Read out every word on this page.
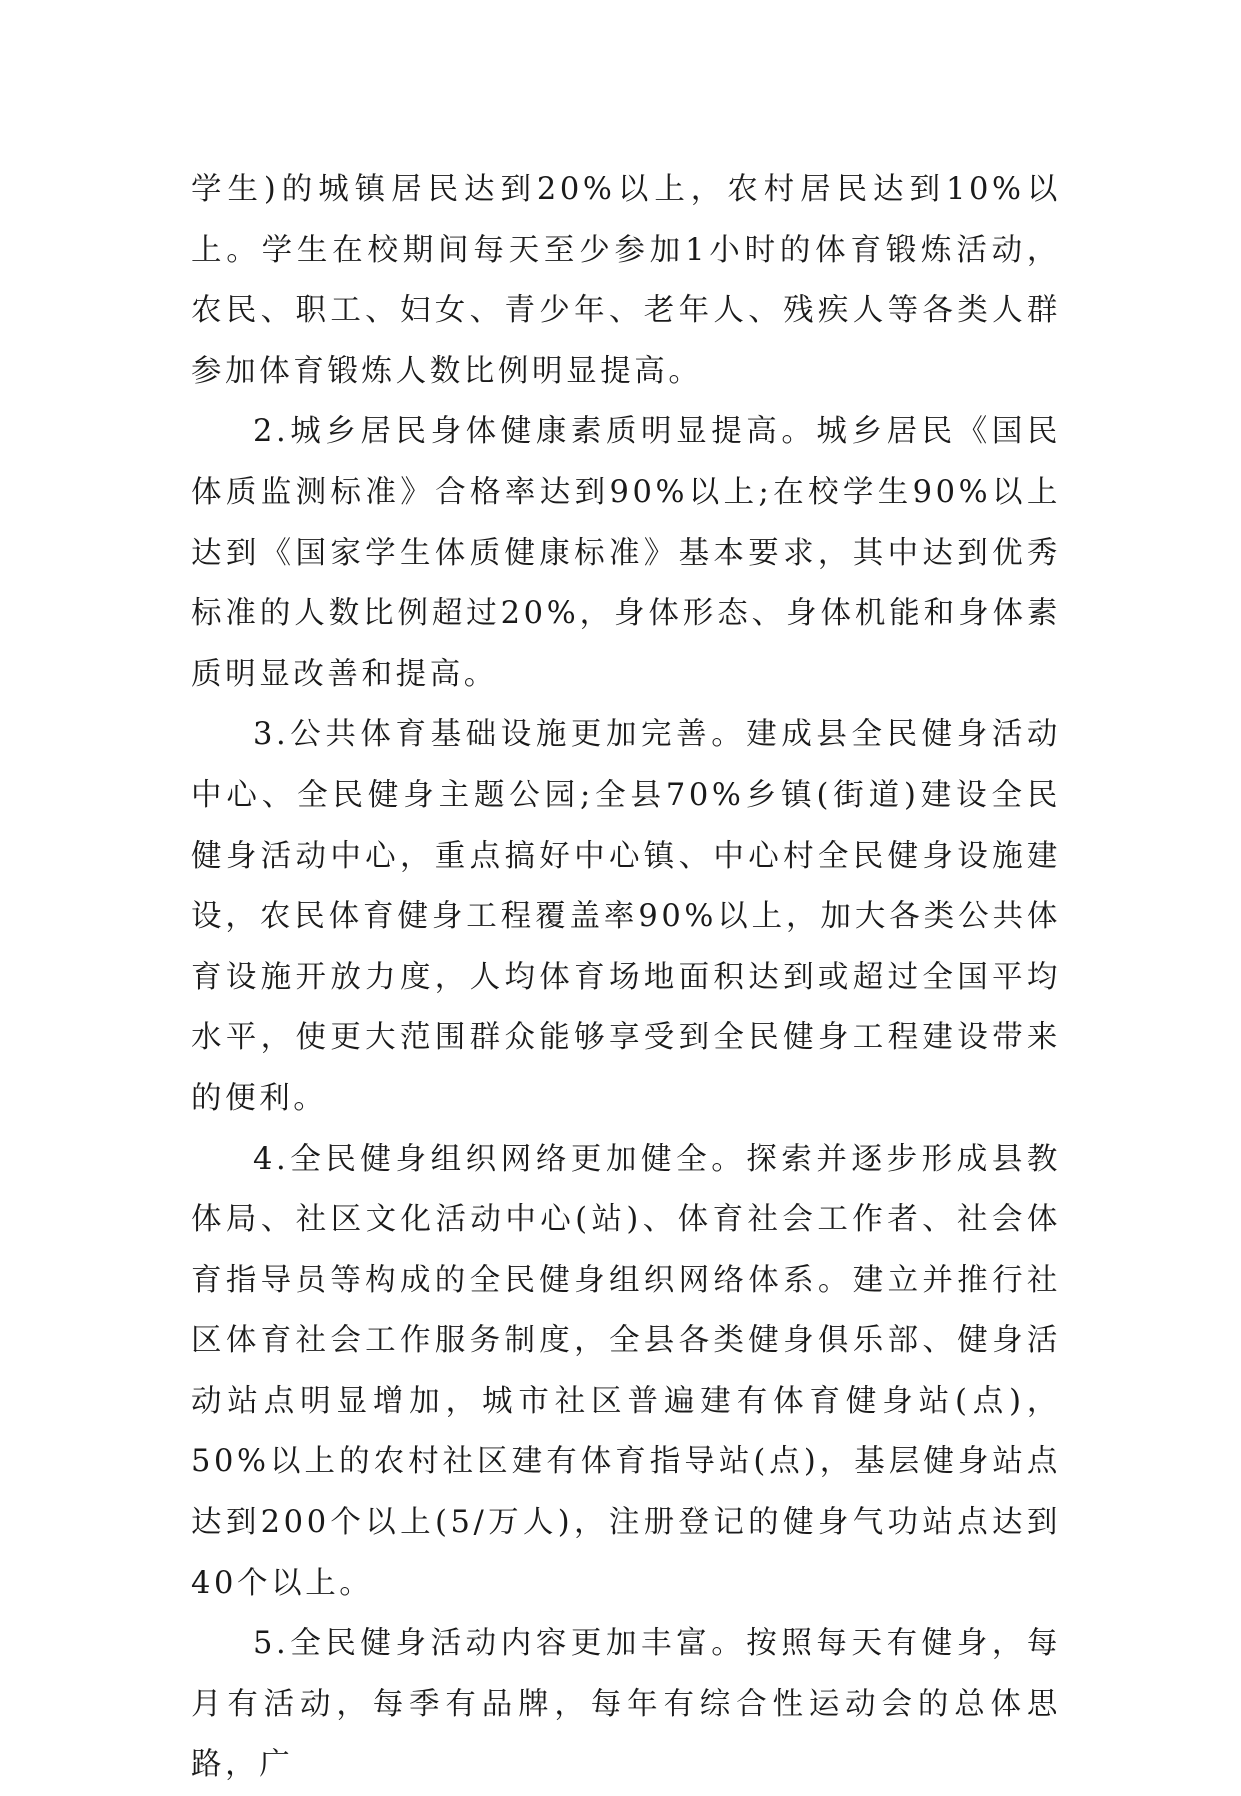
学生)的城镇居民达到20%以上，农村居民达到10%以上。学生在校期间每天至少参加1小时的体育锻炼活动，农民、职工、妇女、青少年、老年人、残疾人等各类人群参加体育锻炼人数比例明显提高。

2.城乡居民身体健康素质明显提高。城乡居民《国民体质监测标准》合格率达到90%以上;在校学生90%以上达到《国家学生体质健康标准》基本要求，其中达到优秀标准的人数比例超过20%，身体形态、身体机能和身体素质明显改善和提高。

3.公共体育基础设施更加完善。建成县全民健身活动中心、全民健身主题公园;全县70%乡镇(街道)建设全民健身活动中心，重点搞好中心镇、中心村全民健身设施建设，农民体育健身工程覆盖率90%以上，加大各类公共体育设施开放力度，人均体育场地面积达到或超过全国平均水平，使更大范围群众能够享受到全民健身工程建设带来的便利。

4.全民健身组织网络更加健全。探索并逐步形成县教体局、社区文化活动中心(站)、体育社会工作者、社会体育指导员等构成的全民健身组织网络体系。建立并推行社区体育社会工作服务制度，全县各类健身俱乐部、健身活动站点明显增加，城市社区普遍建有体育健身站(点)，50%以上的农村社区建有体育指导站(点)，基层健身站点达到200个以上(5/万人)，注册登记的健身气功站点达到40个以上。

5.全民健身活动内容更加丰富。按照每天有健身，每月有活动，每季有品牌，每年有综合性运动会的总体思路，广
